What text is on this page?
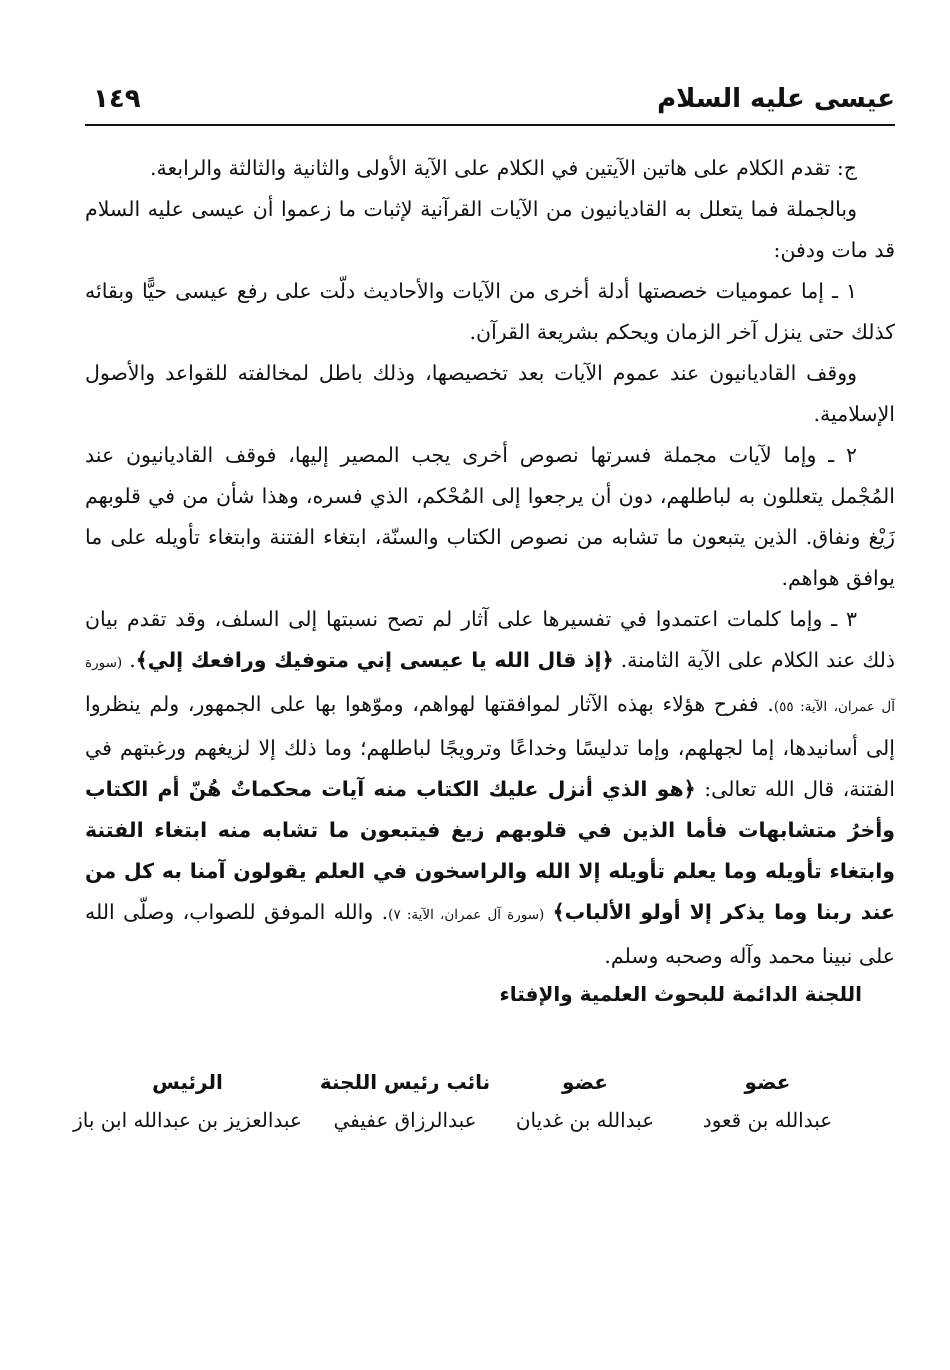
عيسى عليه السلام
١٤٩

ج: تقدم الكلام على هاتين الآيتين في الكلام على الآية الأولى والثانية والثالثة والرابعة.

وبالجملة فما يتعلل به القاديانيون من الآيات القرآنية لإثبات ما زعموا أن عيسى عليه السلام قد مات ودفن:

١ ـ إما عموميات خصصتها أدلة أخرى من الآيات والأحاديث دلّت على رفع عيسى حيًّا وبقائه كذلك حتى ينزل آخر الزمان ويحكم بشريعة القرآن.

ووقف القاديانيون عند عموم الآيات بعد تخصيصها، وذلك باطل لمخالفته للقواعد والأصول الإسلامية.

٢ ـ وإما لآيات مجملة فسرتها نصوص أخرى يجب المصير إليها، فوقف القاديانيون عند المُجْمل يتعللون به لباطلهم، دون أن يرجعوا إلى المُحْكم، الذي فسره، وهذا شأن من في قلوبهم زَيْغ ونفاق. الذين يتبعون ما تشابه من نصوص الكتاب والسنّة، ابتغاء الفتنة وابتغاء تأويله على ما يوافق هواهم.

٣ ـ وإما كلمات اعتمدوا في تفسيرها على آثار لم تصح نسبتها إلى السلف، وقد تقدم بيان ذلك عند الكلام على الآية الثامنة. ﴿إذ قال الله يا عيسى إني متوفيك ورافعك إلي﴾. (سورة آل عمران، الآية: ٥٥). ففرح هؤلاء بهذه الآثار لموافقتها لهواهم، وموّهوا بها على الجمهور، ولم ينظروا إلى أسانيدها، إما لجهلهم، وإما تدليسًا وخداعًا وترويجًا لباطلهم؛ وما ذلك إلا لزيغهم ورغبتهم في الفتنة، قال الله تعالى: ﴿هو الذي أنزل عليك الكتاب منه آيات محكماتٌ هُنّ أم الكتاب وأخرُ متشابهات فأما الذين في قلوبهم زيغ فيتبعون ما تشابه منه ابتغاء الفتنة وابتغاء تأويله وما يعلم تأويله إلا الله والراسخون في العلم يقولون آمنا به كل من عند ربنا وما يذكر إلا أولو الألباب﴾ (سورة آل عمران، الآية: ٧). والله الموفق للصواب، وصلّى الله على نبينا محمد وآله وصحبه وسلم.

اللجنة الدائمة للبحوث العلمية والإفتاء
عضو
عبدالله بن قعود
عضو
عبدالله بن غديان
نائب رئيس اللجنة
عبدالرزاق عفيفي
الرئيس
عبدالعزيز بن عبدالله ابن باز
